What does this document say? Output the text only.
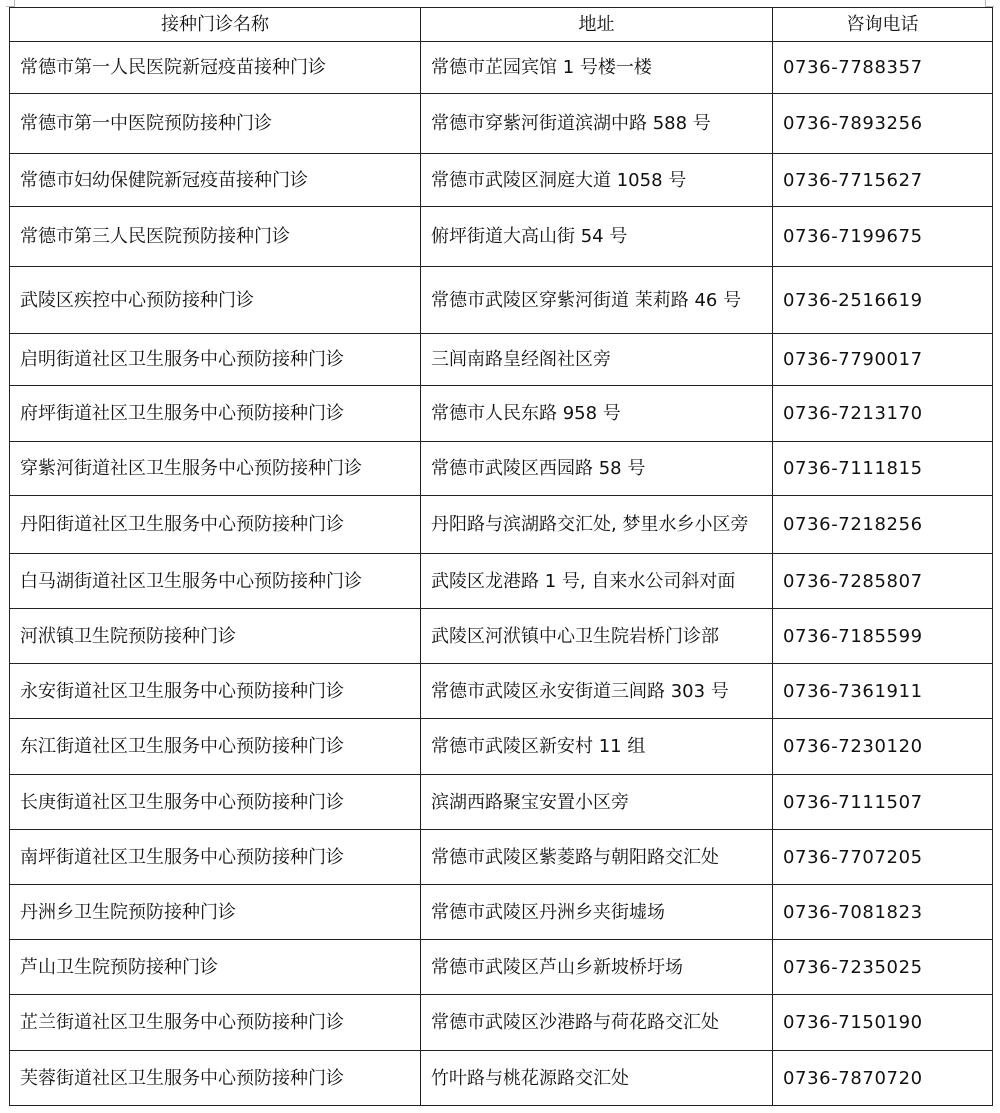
接种门诊名称	地址	咨询电话
常德市第一人民医院新冠疫苗接种门诊	常德市芷园宾馆 1 号楼一楼	0736-7788357
常德市第一中医院预防接种门诊	常德市穿紫河街道滨湖中路 588 号	0736-7893256
常德市妇幼保健院新冠疫苗接种门诊	常德市武陵区洞庭大道 1058 号	0736-7715627
常德市第三人民医院预防接种门诊	俯坪街道大高山街 54 号	0736-7199675
武陵区疾控中心预防接种门诊	常德市武陵区穿紫河街道 茉莉路 46 号	0736-2516619
启明街道社区卫生服务中心预防接种门诊	三闾南路皇经阁社区旁	0736-7790017
府坪街道社区卫生服务中心预防接种门诊	常德市人民东路 958 号	0736-7213170
穿紫河街道社区卫生服务中心预防接种门诊	常德市武陵区西园路 58 号	0736-7111815
丹阳街道社区卫生服务中心预防接种门诊	丹阳路与滨湖路交汇处, 梦里水乡小区旁	0736-7218256
白马湖街道社区卫生服务中心预防接种门诊	武陵区龙港路 1 号, 自来水公司斜对面	0736-7285807
河洑镇卫生院预防接种门诊	武陵区河洑镇中心卫生院岩桥门诊部	0736-7185599
永安街道社区卫生服务中心预防接种门诊	常德市武陵区永安街道三闾路 303 号	0736-7361911
东江街道社区卫生服务中心预防接种门诊	常德市武陵区新安村 11 组	0736-7230120
长庚街道社区卫生服务中心预防接种门诊	滨湖西路聚宝安置小区旁	0736-7111507
南坪街道社区卫生服务中心预防接种门诊	常德市武陵区紫菱路与朝阳路交汇处	0736-7707205
丹洲乡卫生院预防接种门诊	常德市武陵区丹洲乡夹街墟场	0736-7081823
芦山卫生院预防接种门诊	常德市武陵区芦山乡新坡桥圩场	0736-7235025
芷兰街道社区卫生服务中心预防接种门诊	常德市武陵区沙港路与荷花路交汇处	0736-7150190
芙蓉街道社区卫生服务中心预防接种门诊	竹叶路与桃花源路交汇处	0736-7870720
